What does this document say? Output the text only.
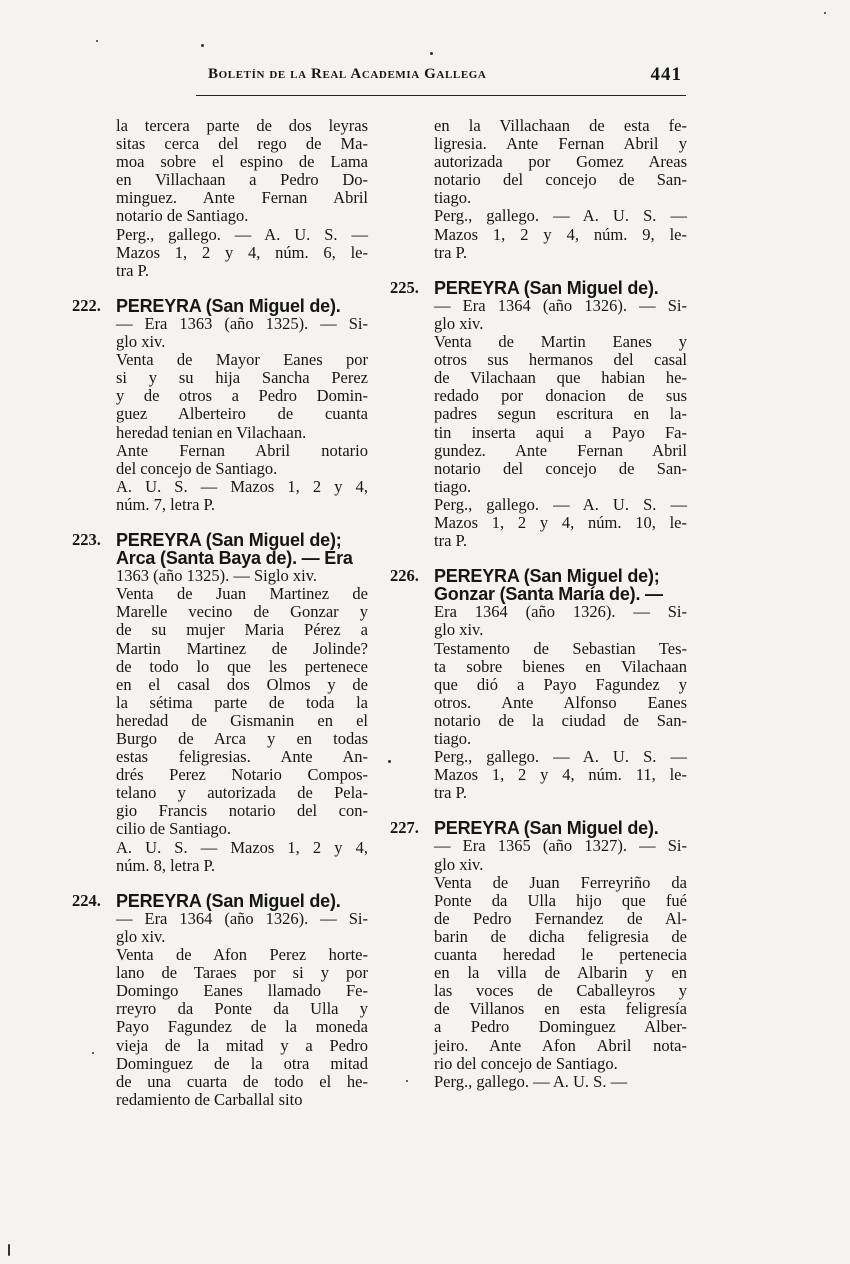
Boletín de la Real Academia Gallega	441
la tercera parte de dos leyras
sitas cerca del rego de Ma-
moa sobre el espino de Lama
en Villachaan a Pedro Do-
minguez. Ante Fernan Abril
notario de Santiago.
Perg., gallego. — A. U. S. —
Mazos 1, 2 y 4, núm. 6, le-
tra P.
222. PEREYRA (San Miguel de).
— Era 1363 (año 1325). — Si-
glo xiv.
Venta de Mayor Eanes por
si y su hija Sancha Perez
y de otros a Pedro Domin-
guez Alberteiro de cuanta
heredad tenian en Vilachaan.
Ante Fernan Abril notario
del concejo de Santiago.
A. U. S. — Mazos 1, 2 y 4,
núm. 7, letra P.
223. PEREYRA (San Miguel de);
Arca (Santa Baya de). — Era
1363 (año 1325). — Siglo xiv.
Venta de Juan Martinez de
Marelle vecino de Gonzar y
de su mujer Maria Pérez a
Martin Martinez de Jolinde?
de todo lo que les pertenece
en el casal dos Olmos y de
la sétima parte de toda la
heredad de Gismanin en el
Burgo de Arca y en todas
estas feligresias. Ante An-
drés Perez Notario Compos-
telano y autorizada de Pela-
gio Francis notario del con-
cilio de Santiago.
A. U. S. — Mazos 1, 2 y 4,
núm. 8, letra P.
224. PEREYRA (San Miguel de).
— Era 1364 (año 1326). — Si-
glo xiv.
Venta de Afon Perez horte-
lano de Taraes por si y por
Domingo Eanes llamado Fe-
rreyro da Ponte da Ulla y
Payo Fagundez de la moneda
vieja de la mitad y a Pedro
Dominguez de la otra mitad
de una cuarta de todo el he-
redamiento de Carballal sito
en la Villachaan de esta fe-
ligresia. Ante Fernan Abril y
autorizada por Gomez Areas
notario del concejo de San-
tiago.
Perg., gallego. — A. U. S. —
Mazos 1, 2 y 4, núm. 9, le-
tra P.
225. PEREYRA (San Miguel de).
— Era 1364 (año 1326). — Si-
glo xiv.
Venta de Martin Eanes y
otros sus hermanos del casal
de Vilachaan que habian he-
redado por donacion de sus
padres segun escritura en la-
tin inserta aqui a Payo Fa-
gundez. Ante Fernan Abril
notario del concejo de San-
tiago.
Perg., gallego. — A. U. S. —
Mazos 1, 2 y 4, núm. 10, le-
tra P.
226. PEREYRA (San Miguel de);
Gonzar (Santa María de). —
Era 1364 (año 1326). — Si-
glo xiv.
Testamento de Sebastian Tes-
ta sobre bienes en Vilachaan
que dió a Payo Fagundez y
otros. Ante Alfonso Eanes
notario de la ciudad de San-
tiago.
Perg., gallego. — A. U. S. —
Mazos 1, 2 y 4, núm. 11, le-
tra P.
227. PEREYRA (San Miguel de).
— Era 1365 (año 1327). — Si-
glo xiv.
Venta de Juan Ferreyriño da
Ponte da Ulla hijo que fué
de Pedro Fernandez de Al-
barin de dicha feligresia de
cuanta heredad le pertenecia
en la villa de Albarin y en
las voces de Caballeyros y
de Villanos en esta feligresía
a Pedro Dominguez Alber-
jeiro. Ante Afon Abril nota-
rio del concejo de Santiago.
Perg., gallego. — A. U. S. —
